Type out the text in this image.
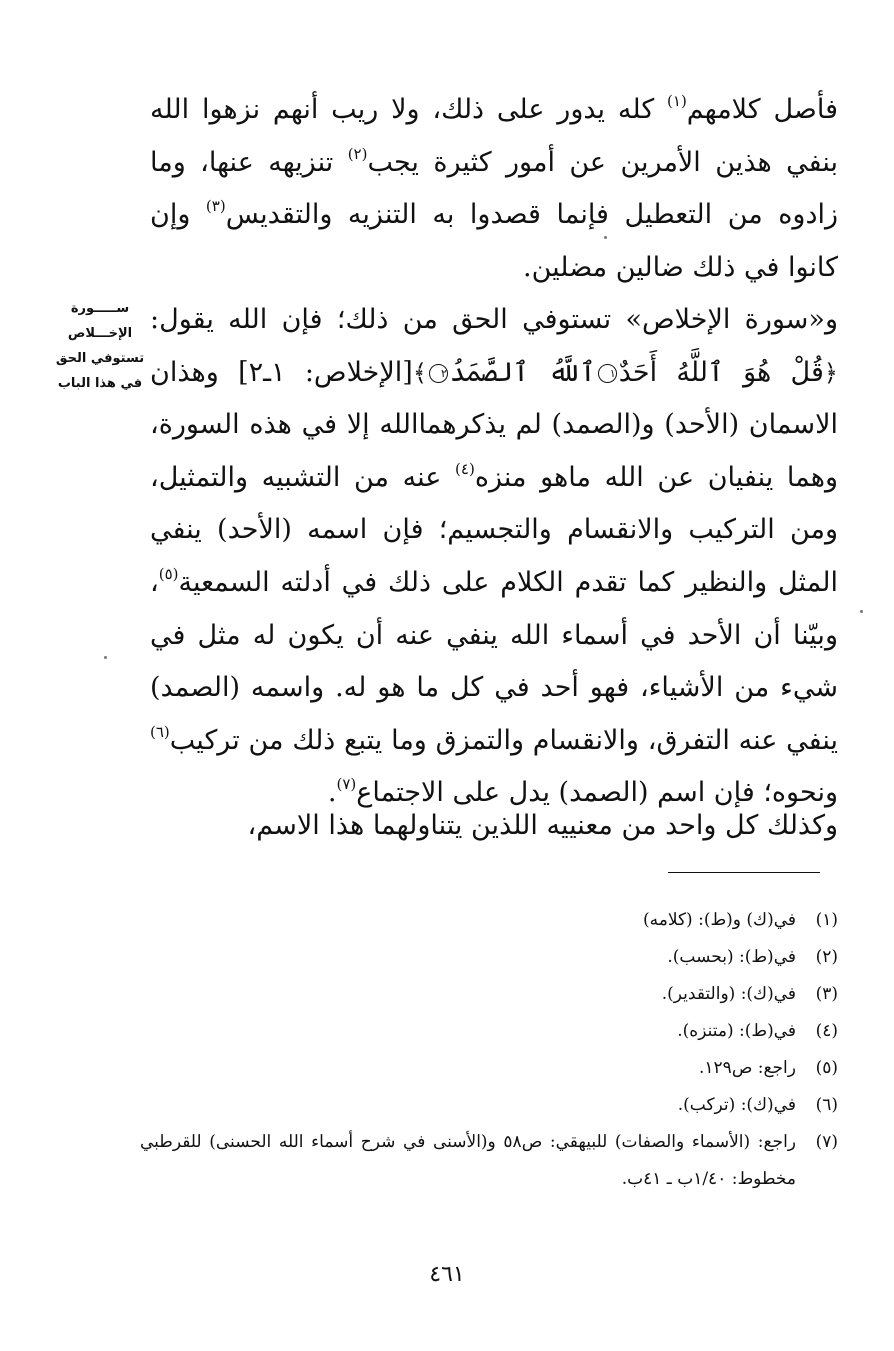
ســـــورة
الإخـــلاص
تستوفي الحق
في هذا الباب

فأصل كلامهم$^{(١)}$ كله يدور على ذلك، ولا ريب أنهم نزهوا الله بنفي هذين الأمرين عن أمور كثيرة يجب$^{(٢)}$ تنزيهه عنها، وما زادوه من التعطيل فإنما قصدوا به التنزيه والتقديس$^{(٣)}$ وإن كانوا في ذلك ضالين مضلين.

و«سورة الإخلاص» تستوفي الحق من ذلك؛ فإن الله يقول: ﴿قُلْ هُوَ ٱللَّهُ أَحَدٌ١ٱللَّهُ ٱلصَّمَدُ٢﴾[الإخلاص: ١ـ٢] وهذان الاسمان (الأحد) و(الصمد) لم يذكرهماالله إلا في هذه السورة، وهما ينفيان عن الله ماهو منزه$^{(٤)}$ عنه من التشبيه والتمثيل، ومن التركيب والانقسام والتجسيم؛ فإن اسمه (الأحد) ينفي المثل والنظير كما تقدم الكلام على ذلك في أدلته السمعية$^{(٥)}$، وبيّنا أن الأحد في أسماء الله ينفي عنه أن يكون له مثل في شيء من الأشياء، فهو أحد في كل ما هو له. واسمه (الصمد) ينفي عنه التفرق، والانقسام والتمزق وما يتبع ذلك من تركيب$^{(٦)}$ ونحوه؛ فإن اسم (الصمد) يدل على الاجتماع$^{(٧)}$.

وكذلك كل واحد من معنييه اللذين يتناولهما هذا الاسم،

(١)
في(ك) و(ط): (كلامه)
(٢)
في(ط): (بحسب).
(٣)
في(ك): (والتقدير).
(٤)
في(ط): (متنزه).
(٥)
راجع: ص١٢٩.
(٦)
في(ك): (تركب).
(٧)
راجع: (الأسماء والصفات) للبيهقي: ص٥٨ و(الأسنى في شرح أسماء الله الحسنى) للقرطبي مخطوط: ١/٤٠ب ـ ٤١ب.
٤٦١
